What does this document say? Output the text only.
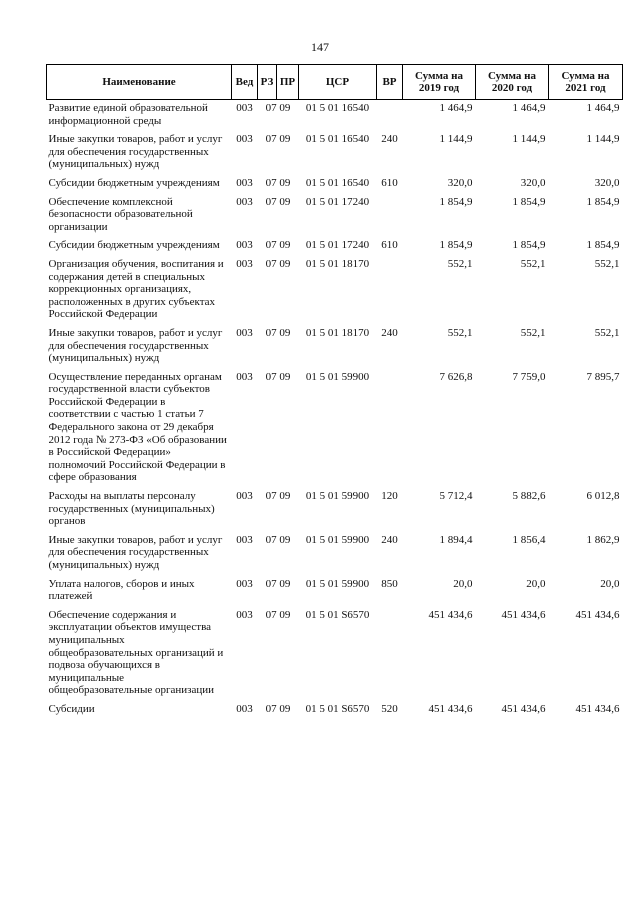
147
Наименование	Вед	РЗ	ПР	ЦСР	ВР	Сумма на 2019 год	Сумма на 2020 год	Сумма на 2021 год
Развитие единой образовательной информационной среды	003	07 09		01 5 01 16540		1 464,9	1 464,9	1 464,9
Иные закупки товаров, работ и услуг для обеспечения государственных (муниципальных) нужд	003	07 09		01 5 01 16540	240	1 144,9	1 144,9	1 144,9
Субсидии бюджетным учреждениям	003	07 09		01 5 01 16540	610	320,0	320,0	320,0
Обеспечение комплексной безопасности образовательной организации	003	07 09		01 5 01 17240		1 854,9	1 854,9	1 854,9
Субсидии бюджетным учреждениям	003	07 09		01 5 01 17240	610	1 854,9	1 854,9	1 854,9
Организация обучения, воспитания и содержания детей в специальных коррекционных организациях, расположенных в других субъектах Российской Федерации	003	07 09		01 5 01 18170		552,1	552,1	552,1
Иные закупки товаров, работ и услуг для обеспечения государственных (муниципальных) нужд	003	07 09		01 5 01 18170	240	552,1	552,1	552,1
Осуществление переданных органам государственной власти субъектов Российской Федерации в соответствии с частью 1 статьи 7 Федерального закона от 29 декабря 2012 года № 273-ФЗ «Об образовании в Российской Федерации» полномочий Российской Федерации в сфере образования	003	07 09		01 5 01 59900		7 626,8	7 759,0	7 895,7
Расходы на выплаты персоналу государственных (муниципальных) органов	003	07 09		01 5 01 59900	120	5 712,4	5 882,6	6 012,8
Иные закупки товаров, работ и услуг для обеспечения государственных (муниципальных) нужд	003	07 09		01 5 01 59900	240	1 894,4	1 856,4	1 862,9
Уплата налогов, сборов и иных платежей	003	07 09		01 5 01 59900	850	20,0	20,0	20,0
Обеспечение содержания и эксплуатации объектов имущества муниципальных общеобразовательных организаций и подвоза обучающихся в муниципальные общеобразовательные организации	003	07 09		01 5 01 S6570		451 434,6	451 434,6	451 434,6
Субсидии	003	07 09		01 5 01 S6570	520	451 434,6	451 434,6	451 434,6
